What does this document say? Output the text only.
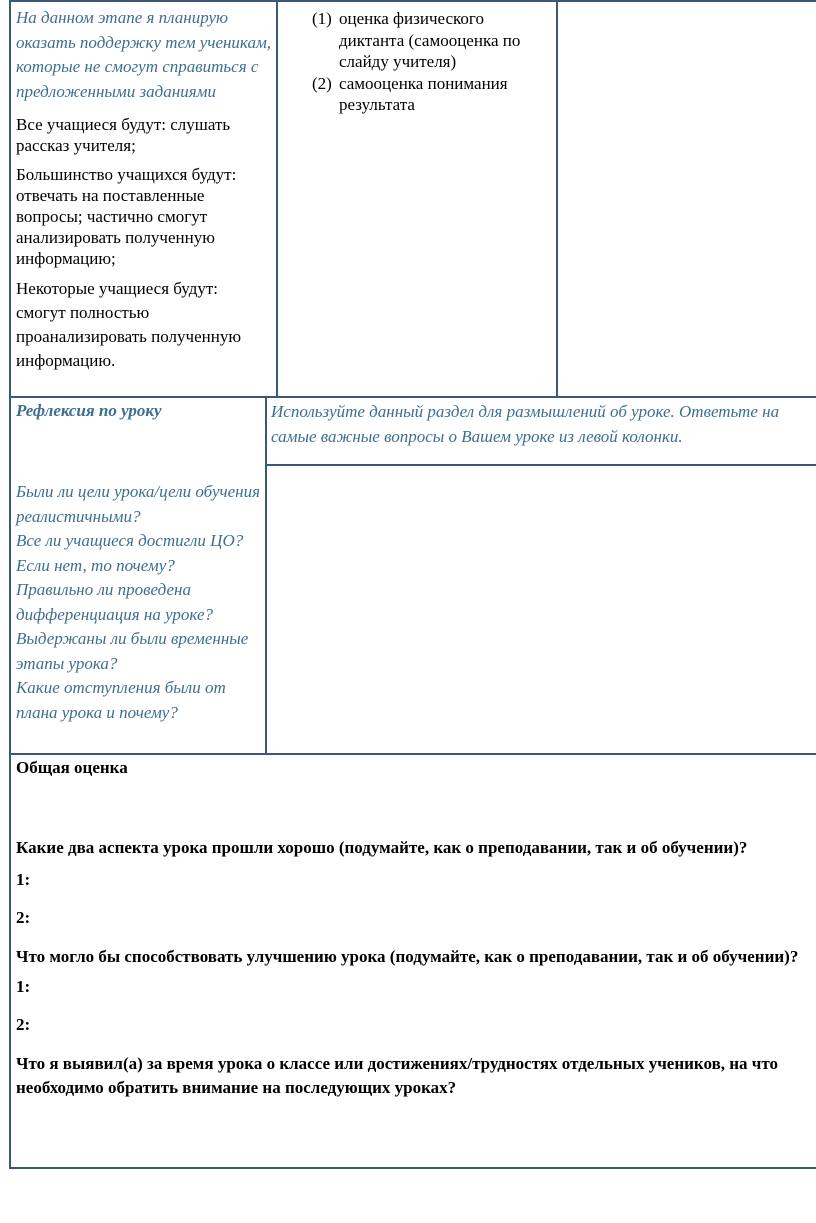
На данном этапе я планирую оказать поддержку тем ученикам, которые не смогут справиться с предложенными заданиями

Все учащиеся будут: слушать рассказ учителя;

Большинство учащихся будут: отвечать на поставленные вопросы; частично смогут анализировать полученную информацию;

Некоторые учащиеся будут:

смогут полностью

проанализировать полученную

информацию.

(1) оценка физического диктанта (самооценка по слайду учителя)
(2) самооценка понимания результата

Рефлексия по уроку

Были ли цели урока/цели обучения реалистичными?

Все ли учащиеся достигли ЦО?

Если нет, то почему?

Правильно ли проведена дифференциация на уроке?

Выдержаны ли были временные этапы урока?

Какие отступления были от плана урока и почему?

Используйте данный раздел для размышлений об уроке. Ответьте на самые важные вопросы о Вашем уроке из левой колонки.

Общая оценка

Какие два аспекта урока прошли хорошо (подумайте, как о преподавании, так и об обучении)?

1:

2:

Что могло бы способствовать улучшению урока (подумайте, как о преподавании, так и об обучении)?

1:

2:

Что я выявил(а) за время урока о классе или достижениях/трудностях отдельных учеников, на что необходимо обратить внимание на последующих уроках?
